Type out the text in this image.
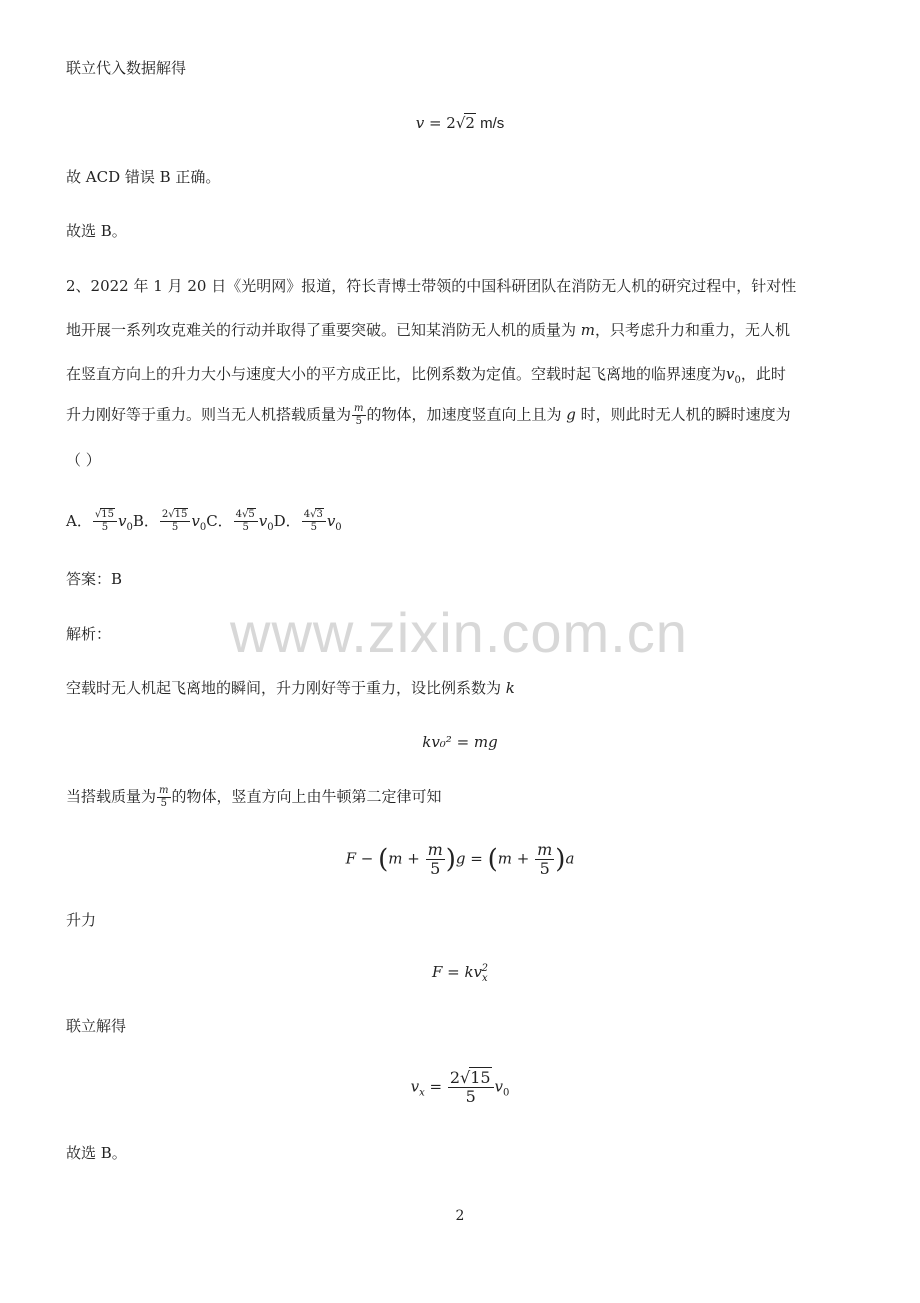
www.zixin.com.cn
联立代入数据解得
v = 2√2 m/s
故 ACD 错误 B 正确。
故选 B。
2、2022 年 1 月 20 日《光明网》报道，符长青博士带领的中国科研团队在消防无人机的研究过程中，针对性
地开展一系列攻克难关的行动并取得了重要突破。已知某消防无人机的质量为 m，只考虑升力和重力，无人机
在竖直方向上的升力大小与速度大小的平方成正比，比例系数为定值。空载时起飞离地的临界速度为$v_0$，此时
升力刚好等于重力。则当无人机搭载质量为 $\frac{m}{5}$ 的物体，加速度竖直向上且为 g 时，则此时无人机的瞬时速度为
（ ）
A． $\frac{√15}{5} v_0B$． $\frac{2√15}{5} v_0C$． $\frac{4√5}{5} v_0D$． $\frac{4√3}{5} v_0$
答案：B
解析：
空载时无人机起飞离地的瞬间，升力刚好等于重力，设比例系数为 k
kv₀² = mg
当搭载质量为 $\frac{m}{5}$ 的物体，竖直方向上由牛顿第二定律可知
$F - (m + \frac{m}{5} )g = (m + \frac{m}{5} )a$
升力
$F = kv_x^2$
联立解得
$v_x = \frac{2√15}{5} v_0$
故选 B。
2
